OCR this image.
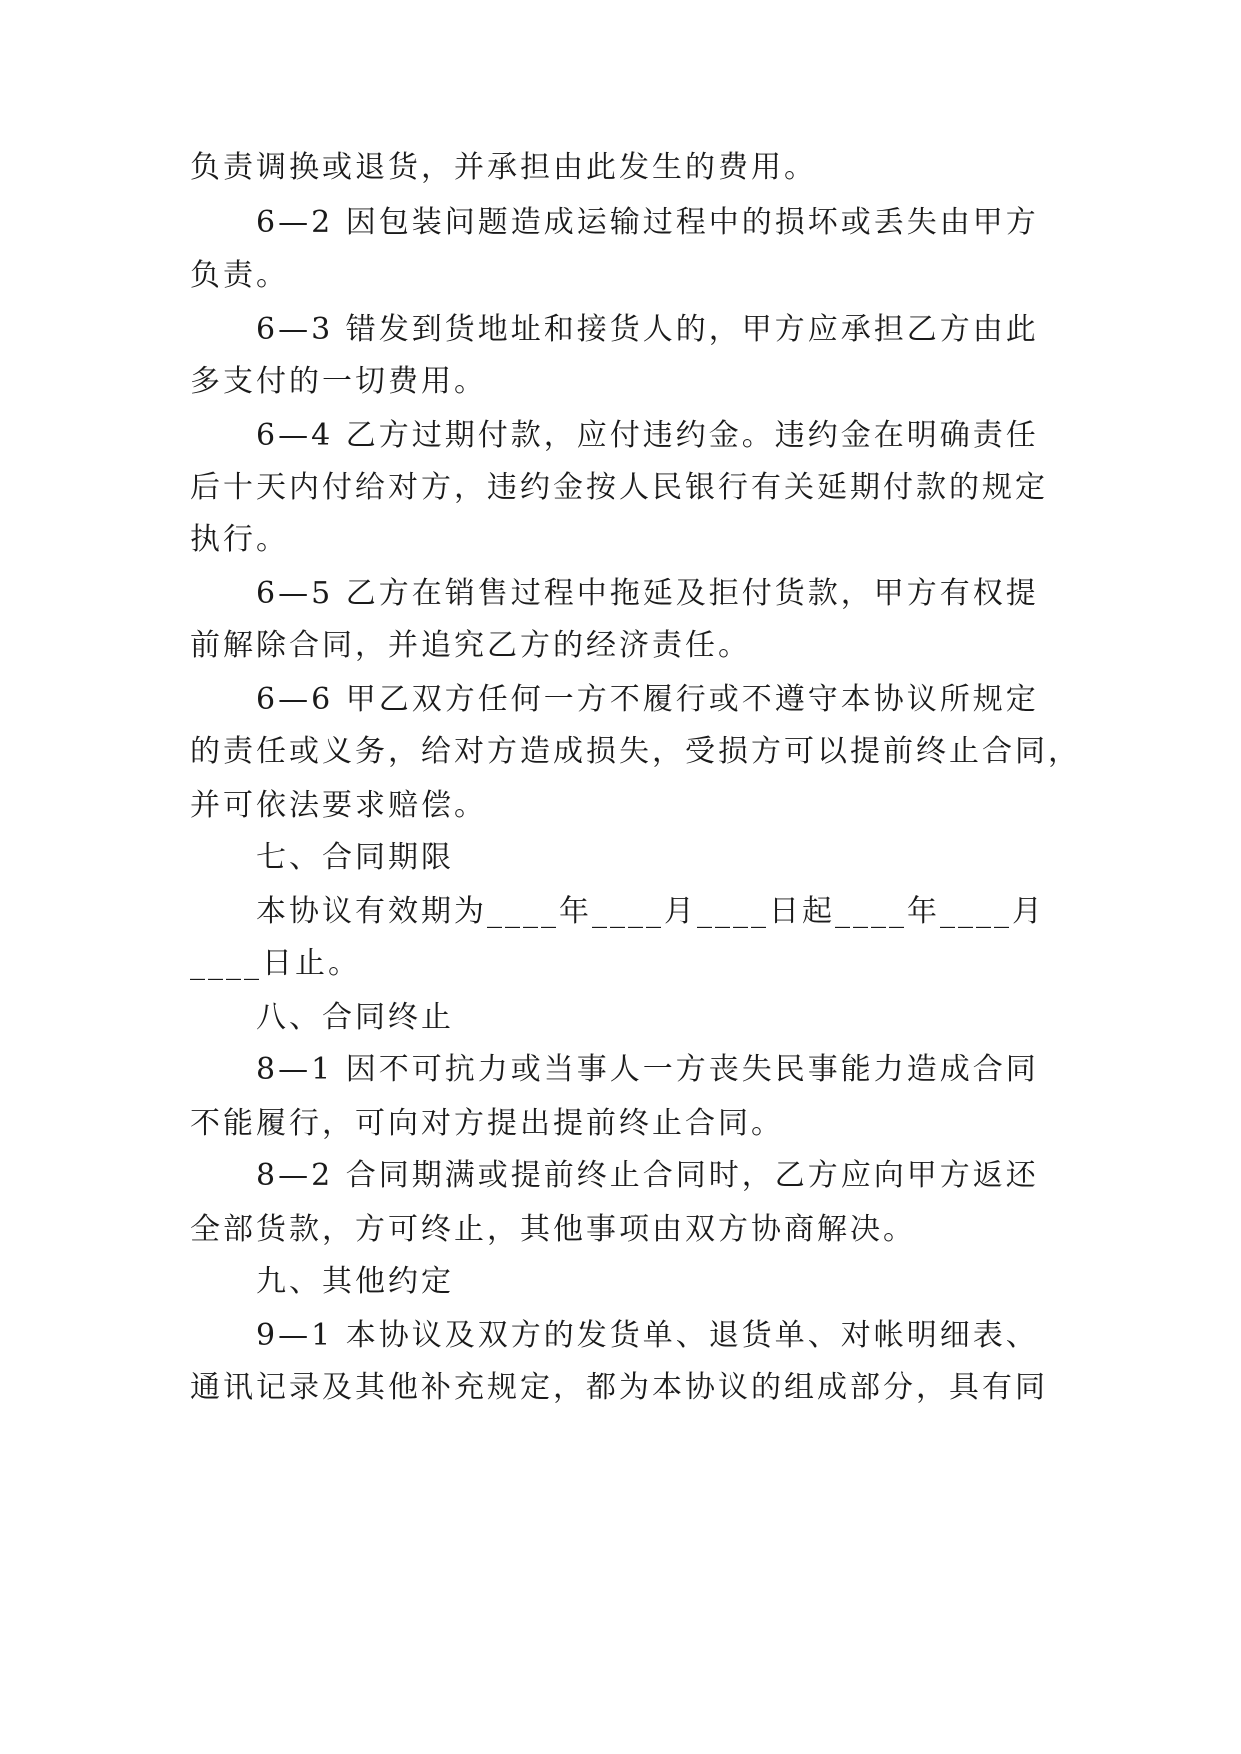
负责调换或退货，并承担由此发生的费用。
6—2 因包装问题造成运输过程中的损坏或丢失由甲方
负责。
6—3 错发到货地址和接货人的，甲方应承担乙方由此
多支付的一切费用。
6—4 乙方过期付款，应付违约金。违约金在明确责任
后十天内付给对方，违约金按人民银行有关延期付款的规定
执行。
6—5 乙方在销售过程中拖延及拒付货款，甲方有权提
前解除合同，并追究乙方的经济责任。
6—6 甲乙双方任何一方不履行或不遵守本协议所规定
的责任或义务，给对方造成损失，受损方可以提前终止合同，
并可依法要求赔偿。
七、合同期限
本协议有效期为____年____月____日起____年____月
____日止。
八、合同终止
8—1 因不可抗力或当事人一方丧失民事能力造成合同
不能履行，可向对方提出提前终止合同。
8—2 合同期满或提前终止合同时，乙方应向甲方返还
全部货款，方可终止，其他事项由双方协商解决。
九、其他约定
9—1 本协议及双方的发货单、退货单、对帐明细表、
通讯记录及其他补充规定，都为本协议的组成部分，具有同
